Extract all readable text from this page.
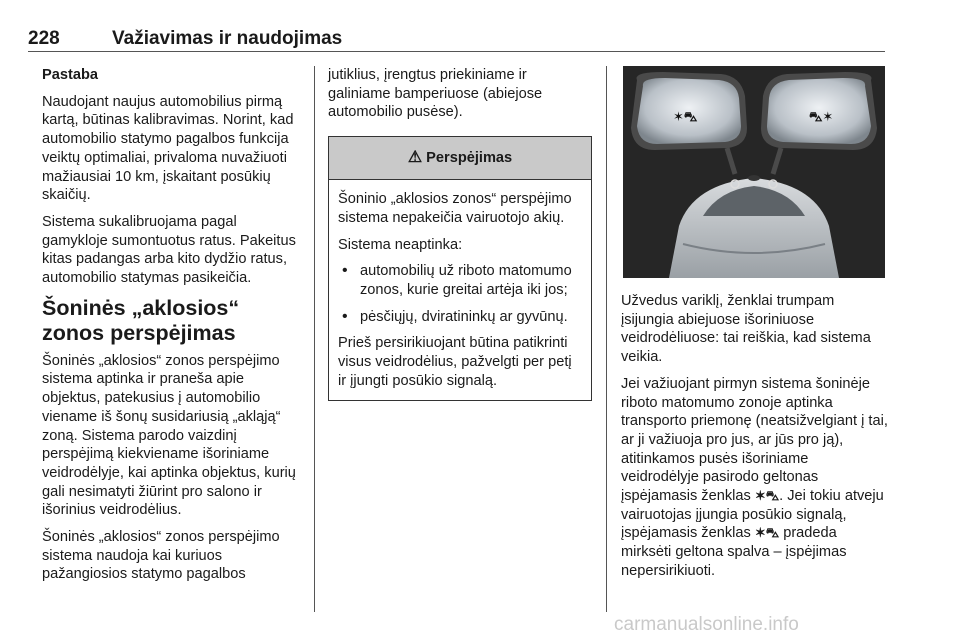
228	Važiavimas ir naudojimas

Pastaba

Naudojant naujus automobilius pirmą kartą, būtinas kalibravimas. Norint, kad automobilio statymo pagalbos funkcija veiktų optimaliai, privaloma nuvažiuoti mažiausiai 10 km, įskaitant posūkių skaičių.

Sistema sukalibruojama pagal gamykloje sumontuotus ratus. Pakeitus kitas padangas arba kito dydžio ratus, automobilio statymas pasikeičia.

Šoninės „aklosios“ zonos perspėjimas

Šoninės „aklosios“ zonos perspėjimo sistema aptinka ir praneša apie objektus, patekusius į automobilio viename iš šonų susidariusią „akląją“ zoną. Sistema parodo vaizdinį perspėjimą kiekviename išoriniame veidrodėlyje, kai aptinka objektus, kurių gali nesimatyti žiūrint pro salono ir išorinius veidrodėlius.

Šoninės „aklosios“ zonos perspėjimo sistema naudoja kai kuriuos pažangiosios statymo pagalbos

jutiklius, įrengtus priekiniame ir galiniame bamperiuose (abiejose automobilio pusėse).

⚠ Perspėjimas

Šoninio „aklosios zonos“ perspėjimo sistema nepakeičia vairuotojo akių.

Sistema neaptinka:

• automobilių už riboto matomumo zonos, kurie greitai artėja iki jos;
• pėsčiųjų, dviratininkų ar gyvūnų.

Prieš persirikiuojant būtina patikrinti visus veidrodėlius, pažvelgti per petį ir įjungti posūkio signalą.

✶⛍	⛍✶

Užvedus variklį, ženklai trumpam įsijungia abiejuose išoriniuose veidrodėliuose: tai reiškia, kad sistema veikia.

Jei važiuojant pirmyn sistema šoninėje riboto matomumo zonoje aptinka transporto priemonę (neatsižvelgiant į tai, ar ji važiuoja pro jus, ar jūs pro ją), atitinkamos pusės išoriniame veidrodėlyje pasirodo geltonas įspėjamasis ženklas ✶⛍. Jei tokiu atveju vairuotojas įjungia posūkio signalą, įspėjamasis ženklas ✶⛍ pradeda mirksėti geltona spalva – įspėjimas nepersirikiuoti.

carmanualsonline.info
